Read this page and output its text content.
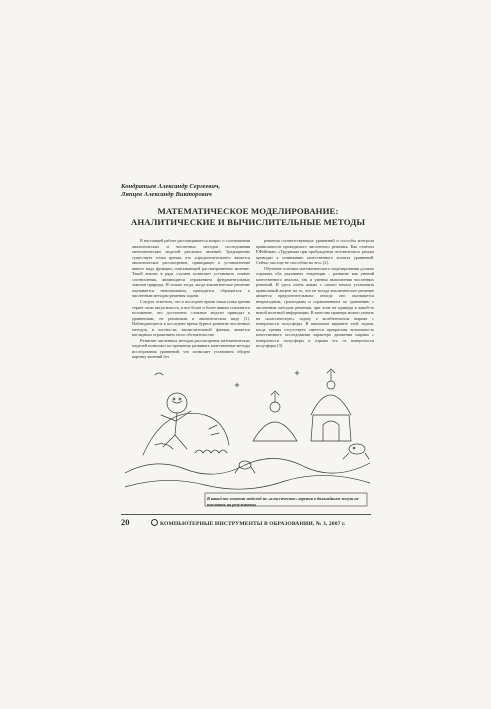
Кондратьев Александр Сергеевич,
Ляпцев Александр Викторович
МАТЕМАТИЧЕСКОЕ МОДЕЛИРОВАНИЕ:
АНАЛИТИЧЕСКИЕ И ВЫЧИСЛИТЕЛЬНЫЕ МЕТОДЫ

В настоящей работе рассматривается вопрос о соотношении аналитических и численных методов исследования математических моделей реальных явлений. Традиционно существует точка зрения, что «предпочтительнее» является аналитическое рассмотрение, приводящее к установлению явного вида функции, описывающей рассматриваемое явление. Такой анализ в ряде случаев позволяет установить точные соотношения, являющиеся отражением фундаментальных законов природы. И только тогда, когда аналитическое решение оказывается невозможным, приходится обращаться к численным методам решения задачи.

Следует отметить, что в последнее время такая точка зрения теряет свою актуальность, и все более и более явным становится положение, что достаточно сложные модели приводят к уравнениям, не решаемым в аналитическом виде [1]. Наблюдающееся в последнее время бурное развитие численных методов, в частности, вычислительной физики, является наглядным отражением этого обстоятельства.

Развитие численных методов рассмотрения математических моделей позволяет по-прежнему развивать качественные методы исследования уравнений, что позволяет установить общую картину явлений без

решения соответствующих уравнений и способы контроля правильности проводимого численного решения. Как отмечал Р.Фейнман, «Трудными при пробуждении человеческого разума приводит к пониманию качественного аспекта уравнений. Сейчас мы еще не способны на это» [2].

Обучение основам математического моделирования должно отражать оба указанных тенденции – развитие как умений качественного анализа, так и умения выполнения численных решений. И здесь очень важно с самого начала установить правильный акцент на то, что не всегда аналитическое решение является предпочтительным: иногда оно оказывается непригодным, громоздким и ограниченным по сравнению с численным методом решения, при этом не приводя к какой-то новой полезной информации. В качестве примера можно указать на «классическую» задачу о колебательном шарике с поверхности полусферы. В школьном варианте этой задачи, когда трения отсутствует, имеется прекрасная возможность качественного исследования характера движения шарика с поверхности полусферы и отрыва его от поверхности полусферы [3].

В какой-то момент моделей не «классическое» трения в дальнейшем могут не повлиять на результаты.
20	КОМПЬЮТЕРНЫЕ ИНСТРУМЕНТЫ В ОБРАЗОВАНИИ, № 3, 2007 г.
